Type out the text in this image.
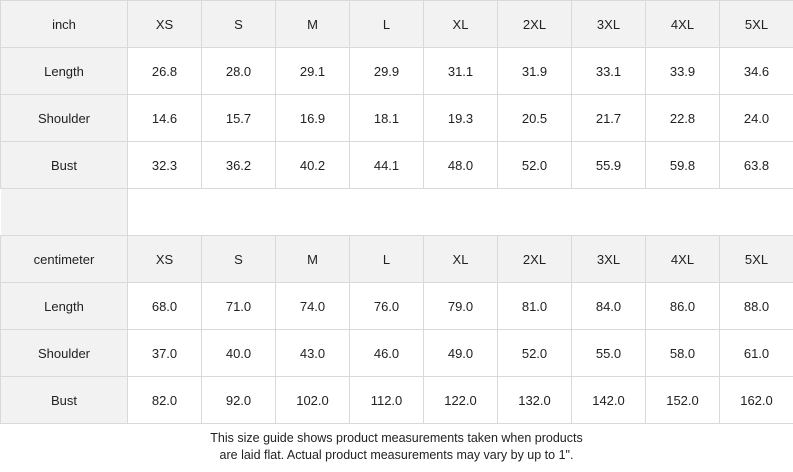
inch	XS	S	M	L	XL	2XL	3XL	4XL	5XL
Length	26.8	28.0	29.1	29.9	31.1	31.9	33.1	33.9	34.6
Shoulder	14.6	15.7	16.9	18.1	19.3	20.5	21.7	22.8	24.0
Bust	32.3	36.2	40.2	44.1	48.0	52.0	55.9	59.8	63.8

centimeter	XS	S	M	L	XL	2XL	3XL	4XL	5XL
Length	68.0	71.0	74.0	76.0	79.0	81.0	84.0	86.0	88.0
Shoulder	37.0	40.0	43.0	46.0	49.0	52.0	55.0	58.0	61.0
Bust	82.0	92.0	102.0	112.0	122.0	132.0	142.0	152.0	162.0
This size guide shows product measurements taken when products
are laid flat. Actual product measurements may vary by up to 1".
